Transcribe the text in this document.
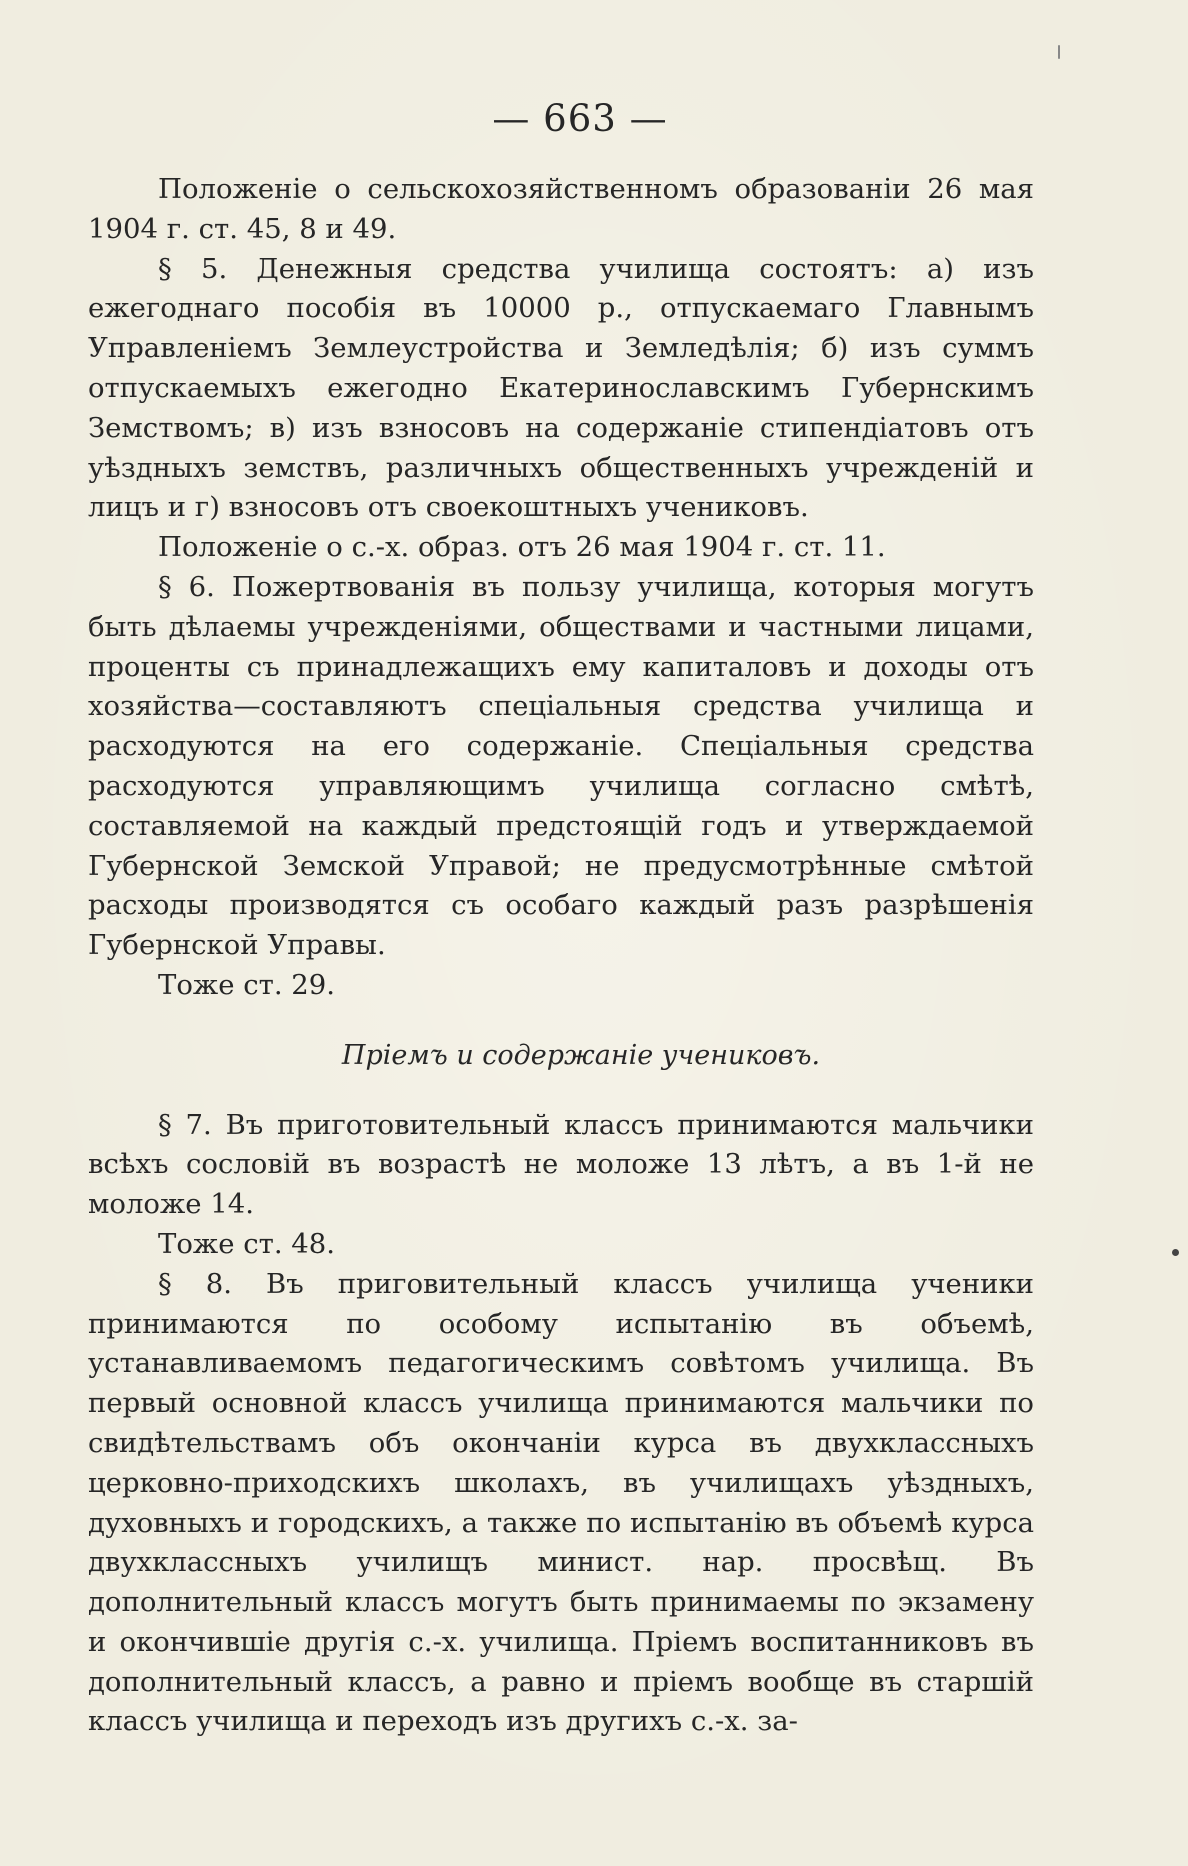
— 663 —

Положеніе о сельскохозяйственномъ образованіи 26 мая 1904 г. ст. 45, 8 и 49.

§ 5. Денежныя средства училища состоятъ: а) изъ ежегоднаго пособія въ 10000 р., отпускаемаго Главнымъ Управленіемъ Землеустройства и Земледѣлія; б) изъ суммъ отпускаемыхъ ежегодно Екатеринославскимъ Губернскимъ Земствомъ; в) изъ взносовъ на содержаніе стипендіатовъ отъ уѣздныхъ земствъ, различныхъ общественныхъ учрежденій и лицъ и г) взносовъ отъ своекоштныхъ учениковъ.

Положеніе о с.-х. образ. отъ 26 мая 1904 г. ст. 11.

§ 6. Пожертвованія въ пользу училища, которыя могутъ быть дѣлаемы учрежденіями, обществами и частными лицами, проценты съ принадлежащихъ ему капиталовъ и доходы отъ хозяйства—составляютъ спеціальныя средства училища и расходуются на его содержаніе. Спеціальныя средства расходуются управляющимъ училища согласно смѣтѣ, составляемой на каждый предстоящій годъ и утверждаемой Губернской Земской Управой; не предусмотрѣнные смѣтой расходы производятся съ особаго каждый разъ разрѣшенія Губернской Управы.

Тоже ст. 29.

Пріемъ и содержаніе учениковъ.

§ 7. Въ приготовительный классъ принимаются мальчики всѣхъ сословій въ возрастѣ не моложе 13 лѣтъ, а въ 1-й не моложе 14.

Тоже ст. 48.

§ 8. Въ приговительный классъ училища ученики принимаются по особому испытанію въ объемѣ, устанавливаемомъ педагогическимъ совѣтомъ училища. Въ первый основной классъ училища принимаются мальчики по свидѣтельствамъ объ окончаніи курса въ двухклассныхъ церковно-приходскихъ школахъ, въ училищахъ уѣздныхъ, духовныхъ и городскихъ, а также по испытанію въ объемѣ курса двухклассныхъ училищъ минист. нар. просвѣщ. Въ дополнительный классъ могутъ быть принимаемы по экзамену и окончившіе другія с.-х. училища. Пріемъ воспитанниковъ въ дополнительный классъ, а равно и пріемъ вообще въ старшій классъ училища и переходъ изъ другихъ с.-х. за-
